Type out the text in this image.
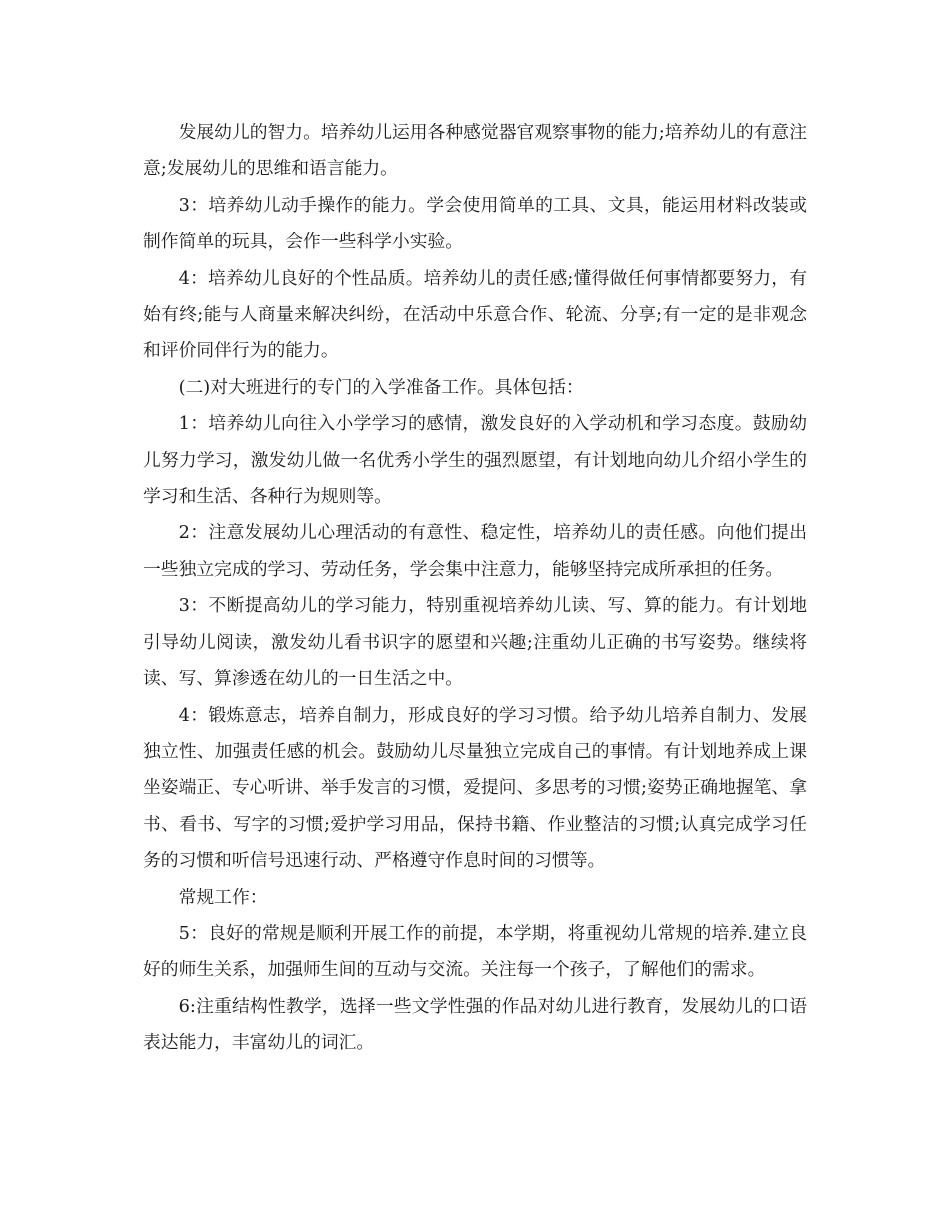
发展幼儿的智力。培养幼儿运用各种感觉器官观察事物的能力;培养幼儿的有意注意;发展幼儿的思维和语言能力。

3：培养幼儿动手操作的能力。学会使用简单的工具、文具，能运用材料改装或制作简单的玩具，会作一些科学小实验。

4：培养幼儿良好的个性品质。培养幼儿的责任感;懂得做任何事情都要努力，有始有终;能与人商量来解决纠纷，在活动中乐意合作、轮流、分享;有一定的是非观念和评价同伴行为的能力。

(二)对大班进行的专门的入学准备工作。具体包括：

1：培养幼儿向往入小学学习的感情，激发良好的入学动机和学习态度。鼓励幼儿努力学习，激发幼儿做一名优秀小学生的强烈愿望，有计划地向幼儿介绍小学生的学习和生活、各种行为规则等。

2：注意发展幼儿心理活动的有意性、稳定性，培养幼儿的责任感。向他们提出一些独立完成的学习、劳动任务，学会集中注意力，能够坚持完成所承担的任务。

3：不断提高幼儿的学习能力，特别重视培养幼儿读、写、算的能力。有计划地引导幼儿阅读，激发幼儿看书识字的愿望和兴趣;注重幼儿正确的书写姿势。继续将读、写、算渗透在幼儿的一日生活之中。

4：锻炼意志，培养自制力，形成良好的学习习惯。给予幼儿培养自制力、发展独立性、加强责任感的机会。鼓励幼儿尽量独立完成自己的事情。有计划地养成上课坐姿端正、专心听讲、举手发言的习惯，爱提问、多思考的习惯;姿势正确地握笔、拿书、看书、写字的习惯;爱护学习用品，保持书籍、作业整洁的习惯;认真完成学习任务的习惯和听信号迅速行动、严格遵守作息时间的习惯等。

常规工作：

5：良好的常规是顺利开展工作的前提，本学期，将重视幼儿常规的培养.建立良好的师生关系，加强师生间的互动与交流。关注每一个孩子，了解他们的需求。

6:注重结构性教学，选择一些文学性强的作品对幼儿进行教育，发展幼儿的口语表达能力，丰富幼儿的词汇。
